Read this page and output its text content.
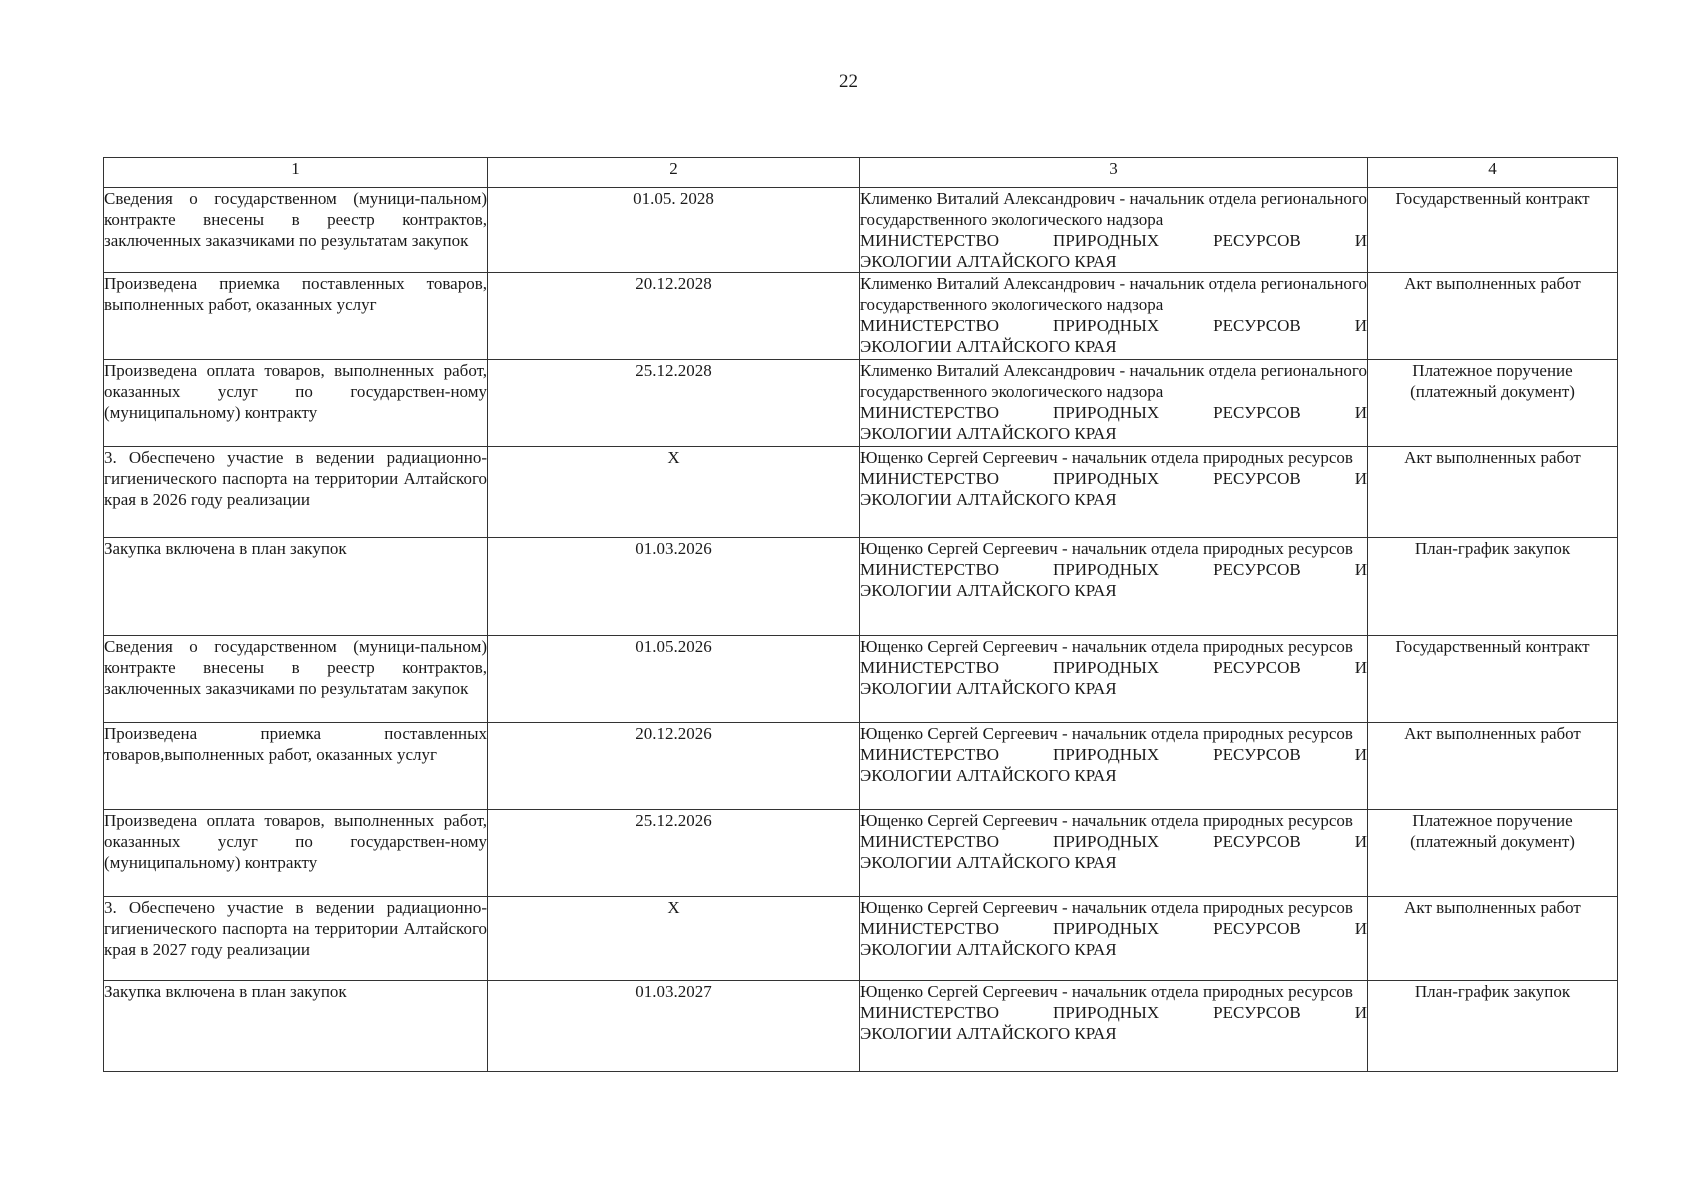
22
1	2	3	4
Сведения о государственном (муници-пальном) контракте внесены в реестр контрактов, заключенных заказчиками по результатам закупок	01.05. 2028	Клименко Виталий Александрович - начальник отдела регионального государственного экологического надзора
МИНИСТЕРСТВО ПРИРОДНЫХ РЕСУРСОВ И
ЭКОЛОГИИ АЛТАЙСКОГО КРАЯ	Государственный контракт
Произведена приемка поставленных товаров, выполненных работ, оказанных услуг	20.12.2028	Клименко Виталий Александрович - начальник отдела регионального государственного экологического надзора
МИНИСТЕРСТВО ПРИРОДНЫХ РЕСУРСОВ И
ЭКОЛОГИИ АЛТАЙСКОГО КРАЯ	Акт выполненных работ
Произведена оплата товаров, выполненных работ, оказанных услуг по государствен-ному (муниципальному) контракту	25.12.2028	Клименко Виталий Александрович - начальник отдела регионального государственного экологического надзора
МИНИСТЕРСТВО ПРИРОДНЫХ РЕСУРСОВ И
ЭКОЛОГИИ АЛТАЙСКОГО КРАЯ	Платежное поручение (платежный документ)
3. Обеспечено участие в ведении радиационно-гигиенического паспорта на территории Алтайского края в 2026 году реализации	X	Ющенко Сергей Сергеевич - начальник отдела природных ресурсов
МИНИСТЕРСТВО ПРИРОДНЫХ РЕСУРСОВ И
ЭКОЛОГИИ АЛТАЙСКОГО КРАЯ	Акт выполненных работ
Закупка включена в план закупок	01.03.2026	Ющенко Сергей Сергеевич - начальник отдела природных ресурсов
МИНИСТЕРСТВО ПРИРОДНЫХ РЕСУРСОВ И
ЭКОЛОГИИ АЛТАЙСКОГО КРАЯ	План-график закупок
Сведения о государственном (муници-пальном) контракте внесены в реестр контрактов, заключенных заказчиками по результатам закупок	01.05.2026	Ющенко Сергей Сергеевич - начальник отдела природных ресурсов
МИНИСТЕРСТВО ПРИРОДНЫХ РЕСУРСОВ И
ЭКОЛОГИИ АЛТАЙСКОГО КРАЯ	Государственный контракт
Произведена приемка поставленных товаров,выполненных работ, оказанных услуг	20.12.2026	Ющенко Сергей Сергеевич - начальник отдела природных ресурсов
МИНИСТЕРСТВО ПРИРОДНЫХ РЕСУРСОВ И
ЭКОЛОГИИ АЛТАЙСКОГО КРАЯ	Акт выполненных работ
Произведена оплата товаров, выполненных работ, оказанных услуг по государствен-ному (муниципальному) контракту	25.12.2026	Ющенко Сергей Сергеевич - начальник отдела природных ресурсов
МИНИСТЕРСТВО ПРИРОДНЫХ РЕСУРСОВ И
ЭКОЛОГИИ АЛТАЙСКОГО КРАЯ	Платежное поручение (платежный документ)
3. Обеспечено участие в ведении радиационно-гигиенического паспорта на территории Алтайского края в 2027 году реализации	X	Ющенко Сергей Сергеевич - начальник отдела природных ресурсов
МИНИСТЕРСТВО ПРИРОДНЫХ РЕСУРСОВ И
ЭКОЛОГИИ АЛТАЙСКОГО КРАЯ	Акт выполненных работ
Закупка включена в план закупок	01.03.2027	Ющенко Сергей Сергеевич - начальник отдела природных ресурсов
МИНИСТЕРСТВО ПРИРОДНЫХ РЕСУРСОВ И
ЭКОЛОГИИ АЛТАЙСКОГО КРАЯ	План-график закупок
